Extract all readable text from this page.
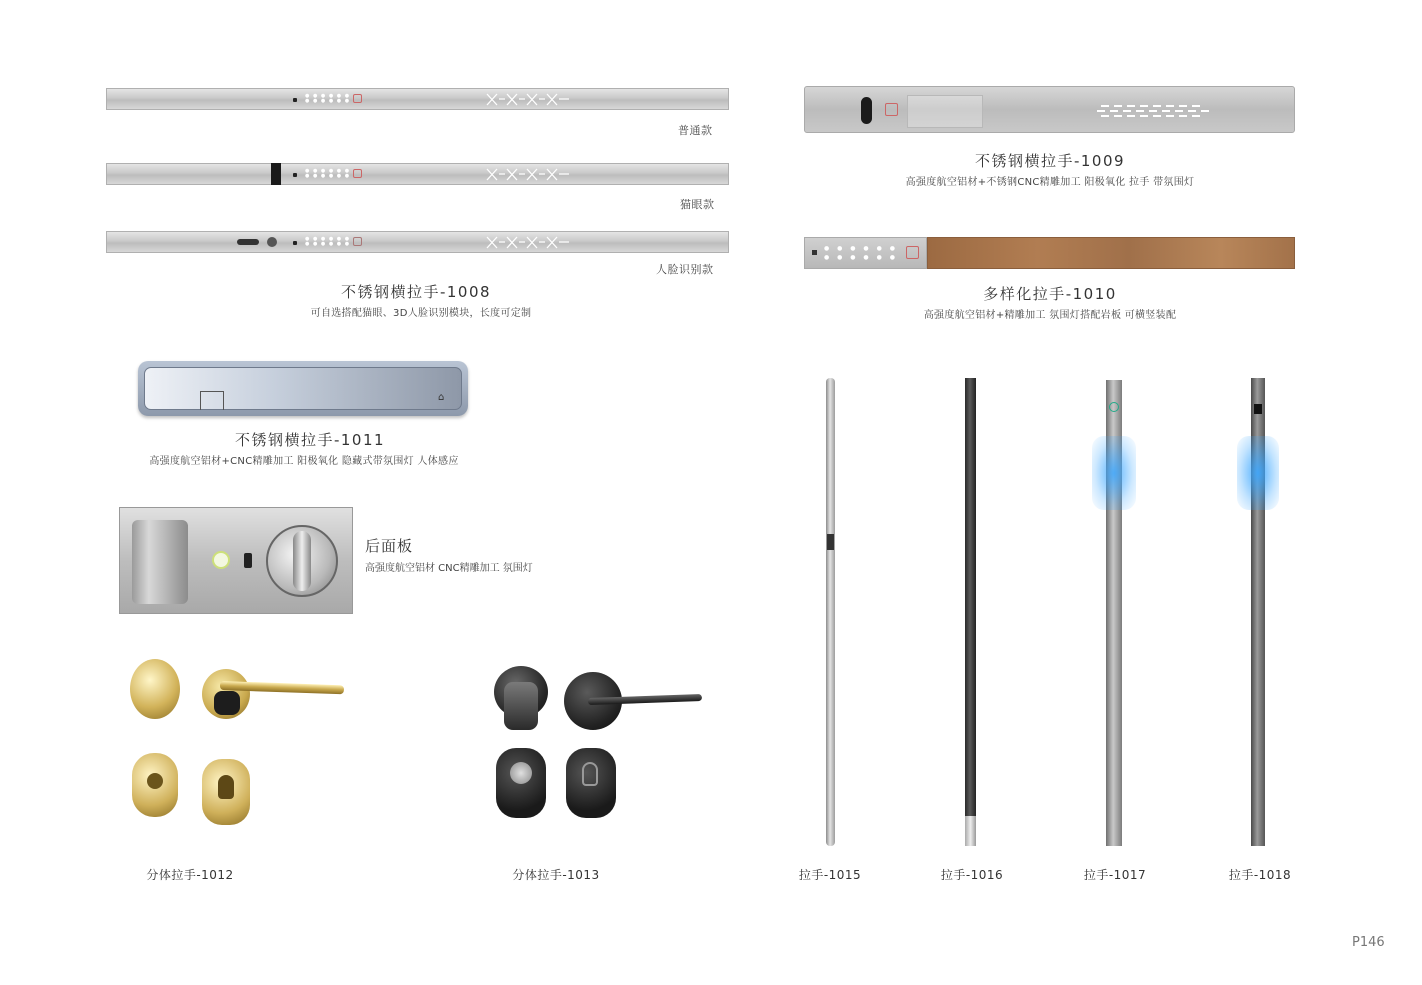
● ● ● ● ● ●
● ● ● ● ● ●
普通款
● ● ● ● ● ●
● ● ● ● ● ●
猫眼款
● ● ● ● ● ●
● ● ● ● ● ●
人脸识别款
不锈钢横拉手-1008
可自选搭配猫眼、3D人脸识别模块，长度可定制
不锈钢横拉手-1009
高强度航空铝材+不锈钢CNC精雕加工 阳极氧化 拉手 带氛围灯
● ● ● ● ● ●
● ● ● ● ● ●
多样化拉手-1010
高强度航空铝材+精雕加工 氛围灯搭配岩板 可横竖装配
⌂
不锈钢横拉手-1011
高强度航空铝材+CNC精雕加工 阳极氧化 隐藏式带氛围灯 人体感应
后面板
高强度航空铝材 CNC精雕加工 氛围灯
分体拉手-1012	分体拉手-1013	拉手-1015	拉手-1016	拉手-1017	拉手-1018
P146
